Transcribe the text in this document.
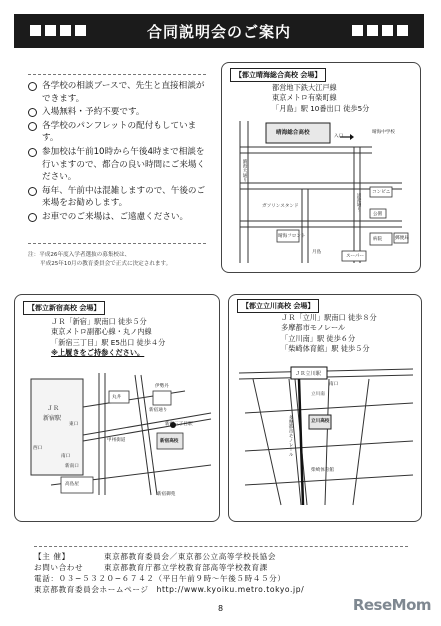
合同説明会のご案内
各学校の相談ブースで、先生と直接相談ができます。
入場無料・予約不要です。
各学校のパンフレットの配付もしています。
参加校は午前10時から午後4時まで相談を行いますので、都合の良い時間にご来場ください。
毎年、午前中は混雑しますので、午後のご来場をお勧めします。
お車でのご来場は、ご遠慮ください。
注：平成26年度入学者選抜の募集校は、
平成25年10月の教育委員会で正式に決定されます。
【都立晴海総合高校 会場】
都営地下鉄大江戸線
東京メトロ有楽町線
「月島」駅 10番出口 徒歩5分
晴海総合高校
入口
晴海中学校
晴海大通り
清澄通り
コンビニ
公園
病院
晴海フロント
月島
スーパー
郵便局
ガソリンスタンド
【都立新宿高校 会場】
ＪＲ「新宿」駅南口 徒歩５分
東京メトロ副都心線・丸ノ内線
「新宿三丁目」駅 E5出口 徒歩４分
※上履きをご持参ください。
ＪＲ
新宿駅
甲州街道
新宿通り
新宿三丁目駅
東口
西口
南口
新南口
伊勢丹
丸井
新宿高校
新宿御苑
高島屋
【都立立川高校 会場】
ＪＲ「立川」駅南口 徒歩８分
多摩都市モノレール
「立川南」駅 徒歩６分
「柴崎体育館」駅 徒歩５分
ＪＲ立川駅
立川南
立川高校
柴崎体育館
多摩都市モノレール
南口
【主 催】	東京都教育委員会／東京都公立高等学校長協会
お問い合わせ	東京都教育庁都立学校教育部高等学校教育課
電話： ０３−５３２０−６７４２（平日午前９時〜午後５時４５分）
東京都教育委員会ホームページ http://www.kyoiku.metro.tokyo.jp/
8	ReseMom
